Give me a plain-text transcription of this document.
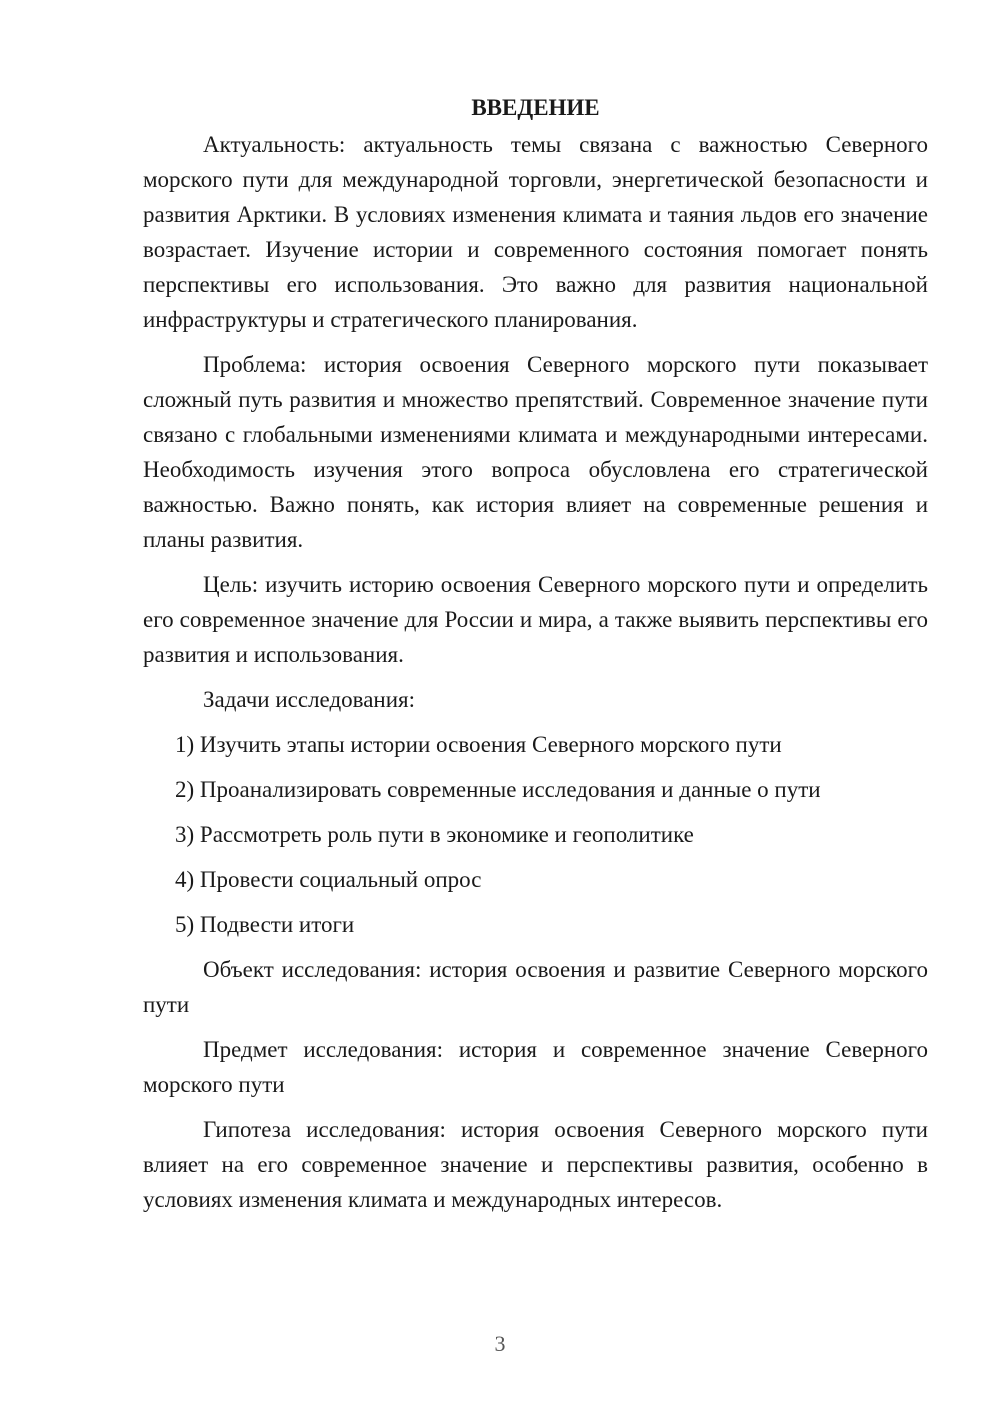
ВВЕДЕНИЕ

Актуальность: актуальность темы связана с важностью Северного морского пути для международной торговли, энергетической безопасности и развития Арктики. В условиях изменения климата и таяния льдов его значение возрастает. Изучение истории и современного состояния помогает понять перспективы его использования. Это важно для развития национальной инфраструктуры и стратегического планирования.

Проблема: история освоения Северного морского пути показывает сложный путь развития и множество препятствий. Современное значение пути связано с глобальными изменениями климата и международными интересами. Необходимость изучения этого вопроса обусловлена его стратегической важностью. Важно понять, как история влияет на современные решения и планы развития.

Цель: изучить историю освоения Северного морского пути и определить его современное значение для России и мира, а также выявить перспективы его развития и использования.

Задачи исследования:

1) Изучить этапы истории освоения Северного морского пути
2) Проанализировать современные исследования и данные о пути
3) Рассмотреть роль пути в экономике и геополитике
4) Провести социальный опрос
5) Подвести итоги

Объект исследования: история освоения и развитие Северного морского пути

Предмет исследования: история и современное значение Северного морского пути

Гипотеза исследования: история освоения Северного морского пути влияет на его современное значение и перспективы развития, особенно в условиях изменения климата и международных интересов.

3
